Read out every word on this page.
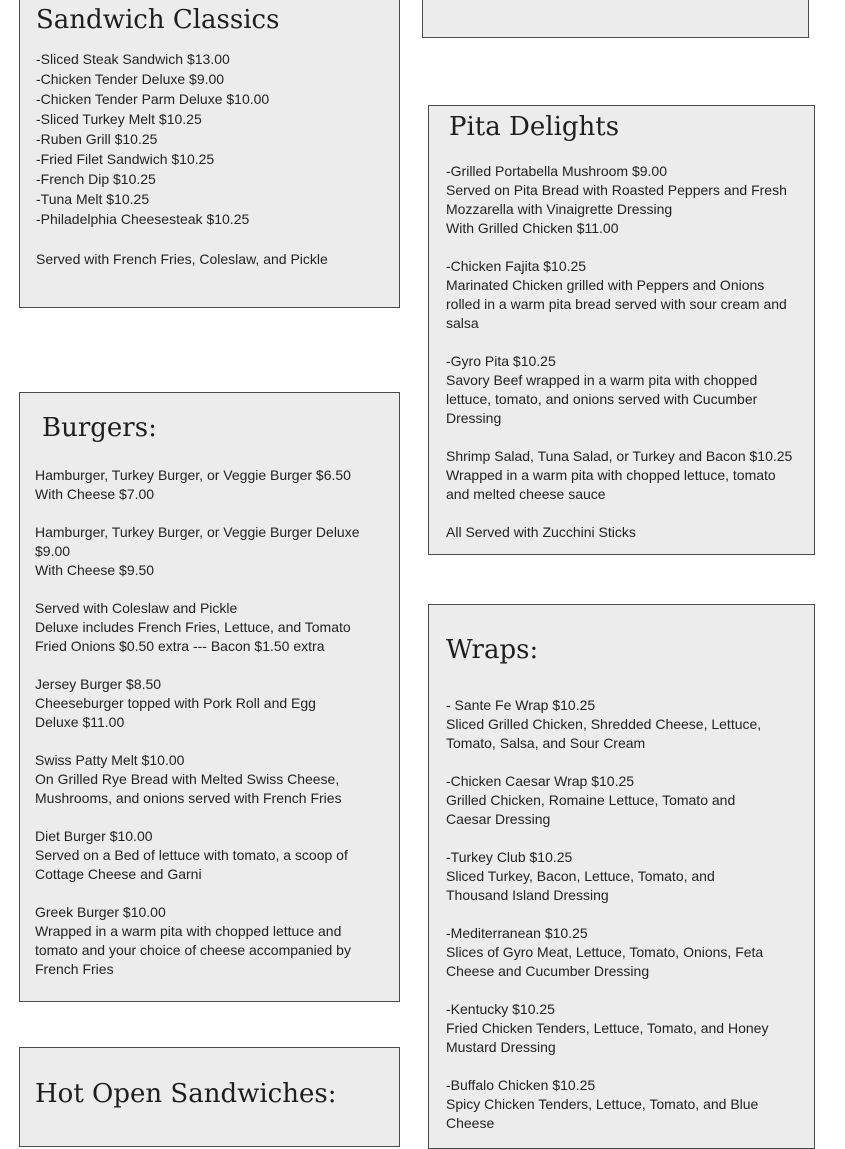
Sandwich Classics
-Sliced Steak Sandwich $13.00
-Chicken Tender Deluxe $9.00
-Chicken Tender Parm Deluxe $10.00
-Sliced Turkey Melt $10.25
-Ruben Grill $10.25
-Fried Filet Sandwich $10.25
-French Dip $10.25
-Tuna Melt $10.25
-Philadelphia Cheesesteak $10.25
Served with French Fries, Coleslaw, and Pickle
Burgers:
Hamburger, Turkey Burger, or Veggie Burger $6.50
With Cheese $7.00
Hamburger, Turkey Burger, or Veggie Burger Deluxe
$9.00
With Cheese $9.50
Served with Coleslaw and Pickle
Deluxe includes French Fries, Lettuce, and Tomato
Fried Onions $0.50 extra --- Bacon $1.50 extra
Jersey Burger $8.50
Cheeseburger topped with Pork Roll and Egg
Deluxe $11.00
Swiss Patty Melt $10.00
On Grilled Rye Bread with Melted Swiss Cheese,
Mushrooms, and onions served with French Fries
Diet Burger $10.00
Served on a Bed of lettuce with tomato, a scoop of
Cottage Cheese and Garni
Greek Burger $10.00
Wrapped in a warm pita with chopped lettuce and
tomato and your choice of cheese accompanied by
French Fries
Hot Open Sandwiches:
Pita Delights
-Grilled Portabella Mushroom $9.00
Served on Pita Bread with Roasted Peppers and Fresh
Mozzarella with Vinaigrette Dressing
With Grilled Chicken $11.00
-Chicken Fajita $10.25
Marinated Chicken grilled with Peppers and Onions
rolled in a warm pita bread served with sour cream and
salsa
-Gyro Pita $10.25
Savory Beef wrapped in a warm pita with chopped
lettuce, tomato, and onions served with Cucumber
Dressing
Shrimp Salad, Tuna Salad, or Turkey and Bacon $10.25
Wrapped in a warm pita with chopped lettuce, tomato
and melted cheese sauce
All Served with Zucchini Sticks
Wraps:
- Sante Fe Wrap $10.25
Sliced Grilled Chicken, Shredded Cheese, Lettuce,
Tomato, Salsa, and Sour Cream
-Chicken Caesar Wrap $10.25
Grilled Chicken, Romaine Lettuce, Tomato and
Caesar Dressing
-Turkey Club $10.25
Sliced Turkey, Bacon, Lettuce, Tomato, and
Thousand Island Dressing
-Mediterranean $10.25
Slices of Gyro Meat, Lettuce, Tomato, Onions, Feta
Cheese and Cucumber Dressing
-Kentucky $10.25
Fried Chicken Tenders, Lettuce, Tomato, and Honey
Mustard Dressing
-Buffalo Chicken $10.25
Spicy Chicken Tenders, Lettuce, Tomato, and Blue
Cheese
